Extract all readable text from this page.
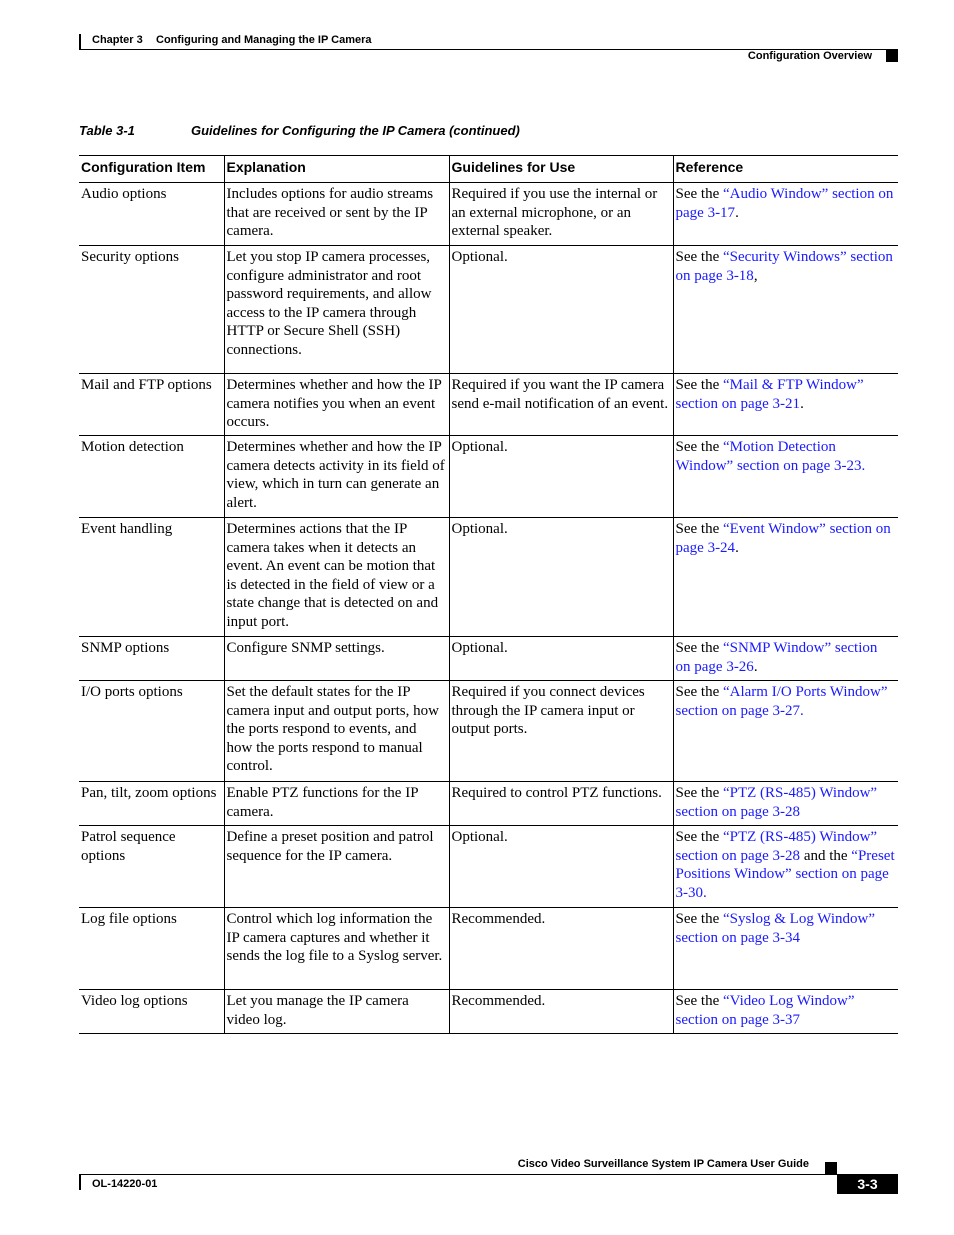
Chapter 3 Configuring and Managing the IP Camera
Configuration Overview
Table 3-1	Guidelines for Configuring the IP Camera (continued)
Configuration Item	Explanation	Guidelines for Use	Reference
Audio options	Includes options for audio streams that are received or sent by the IP camera.	Required if you use the internal or an external microphone, or an external speaker.	See the “Audio Window” section on page 3-17.
Security options	Let you stop IP camera processes, configure administrator and root password requirements, and allow access to the IP camera through HTTP or Secure Shell (SSH) connections.	Optional.	See the “Security Windows” section on page 3-18,
Mail and FTP options	Determines whether and how the IP camera notifies you when an event occurs.	Required if you want the IP camera send e-mail notification of an event.	See the “Mail & FTP Window” section on page 3-21.
Motion detection	Determines whether and how the IP camera detects activity in its field of view, which in turn can generate an alert.	Optional.	See the “Motion Detection Window” section on page 3-23.
Event handling	Determines actions that the IP camera takes when it detects an event. An event can be motion that is detected in the field of view or a state change that is detected on and input port.	Optional.	See the “Event Window” section on page 3-24.
SNMP options	Configure SNMP settings.	Optional.	See the “SNMP Window” section on page 3-26.
I/O ports options	Set the default states for the IP camera input and output ports, how the ports respond to events, and how the ports respond to manual control.	Required if you connect devices through the IP camera input or output ports.	See the “Alarm I/O Ports Window” section on page 3-27.
Pan, tilt, zoom options	Enable PTZ functions for the IP camera.	Required to control PTZ functions.	See the “PTZ (RS-485) Window” section on page 3-28
Patrol sequence options	Define a preset position and patrol sequence for the IP camera.	Optional.	See the “PTZ (RS-485) Window” section on page 3-28 and the “Preset Positions Window” section on page 3-30.
Log file options	Control which log information the IP camera captures and whether it sends the log file to a Syslog server.	Recommended.	See the “Syslog & Log Window” section on page 3-34
Video log options	Let you manage the IP camera video log.	Recommended.	See the “Video Log Window” section on page 3-37
Cisco Video Surveillance System IP Camera User Guide
OL-14220-01	3-3
